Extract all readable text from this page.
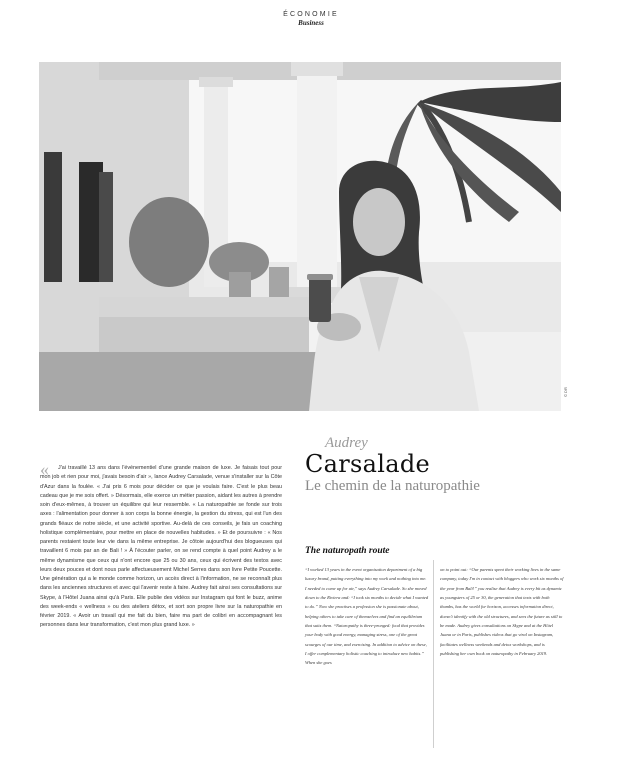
ÉCONOMIE
Business
© DR
Audrey
Carsalade
Le chemin de la naturopathie
«	J'ai travaillé 13 ans dans l'événementiel d'une grande maison de luxe. Je faisais tout pour mon job et rien pour moi, j'avais besoin d'air », lance Audrey Carsalade, venue s'installer sur la Côte d'Azur dans la foulée. « J'ai pris 6 mois pour décider ce que je voulais faire. C'est le plus beau cadeau que je me sois offert. » Désormais, elle exerce un métier passion, aidant les autres à prendre soin d'eux-mêmes, à trouver un équilibre qui leur ressemble. « La naturopathie se fonde sur trois axes : l'alimentation pour donner à son corps la bonne énergie, la gestion du stress, qui est l'un des grands fléaux de notre siècle, et une activité sportive. Au-delà de ces conseils, je fais un coaching holistique complémentaire, pour mettre en place de nouvelles habitudes. » Et de poursuivre : « Nos parents restaient toute leur vie dans la même entreprise. Je côtoie aujourd'hui des blogueuses qui travaillent 6 mois par an de Bali ! » À l'écouter parler, on se rend compte à quel point Audrey a le même dynamisme que ceux qui n'ont encore que 25 ou 30 ans, ceux qui écrivent des textos avec leurs deux pouces et dont nous parle affectueusement Michel Serres dans son livre Petite Poucette. Une génération qui a le monde comme horizon, un accès direct à l'information, ne se reconnaît plus dans les anciennes structures et avec qui l'avenir reste à faire. Audrey fait ainsi ses consultations sur Skype, à l'Hôtel Juana ainsi qu'à Paris. Elle publie des vidéos sur Instagram qui font le buzz, anime des week-ends « wellness » ou des ateliers détox, et sort son propre livre sur la naturopathie en février 2019. « Avoir un travail qui me fait du bien, faire ma part de colibri en accompagnant les personnes dans leur transformation, c'est mon plus grand luxe. »

The naturopath route

“I worked 13 years in the event organisation department of a big luxury brand, putting everything into my work and nothing into me. I needed to come up for air,” says Audrey Carsalade. So she moved down to the Riviera and: “I took six months to decide what I wanted to do.” Now she practises a profession she is passionate about, helping others to take care of themselves and find an equilibrium that suits them. “Naturopathy is three-pronged: food that provides your body with good energy, managing stress, one of the great scourges of our time, and exercising. In addition to advice on these, I offer complementary holistic coaching to introduce new habits.” When she goes

on to point out: “Our parents spent their working lives in the same company, today I'm in contact with bloggers who work six months of the year from Bali!” you realise that Audrey is every bit as dynamic as youngsters of 25 or 30, the generation that texts with both thumbs, has the world for horizon, accesses information direct, doesn't identify with the old structures, and sees the future as still to be made. Audrey gives consultations on Skype and at the Hôtel Juana or in Paris, publishes videos that go viral on Instagram, facilitates wellness weekends and detox workshops, and is publishing her own book on naturopathy in February 2019.
